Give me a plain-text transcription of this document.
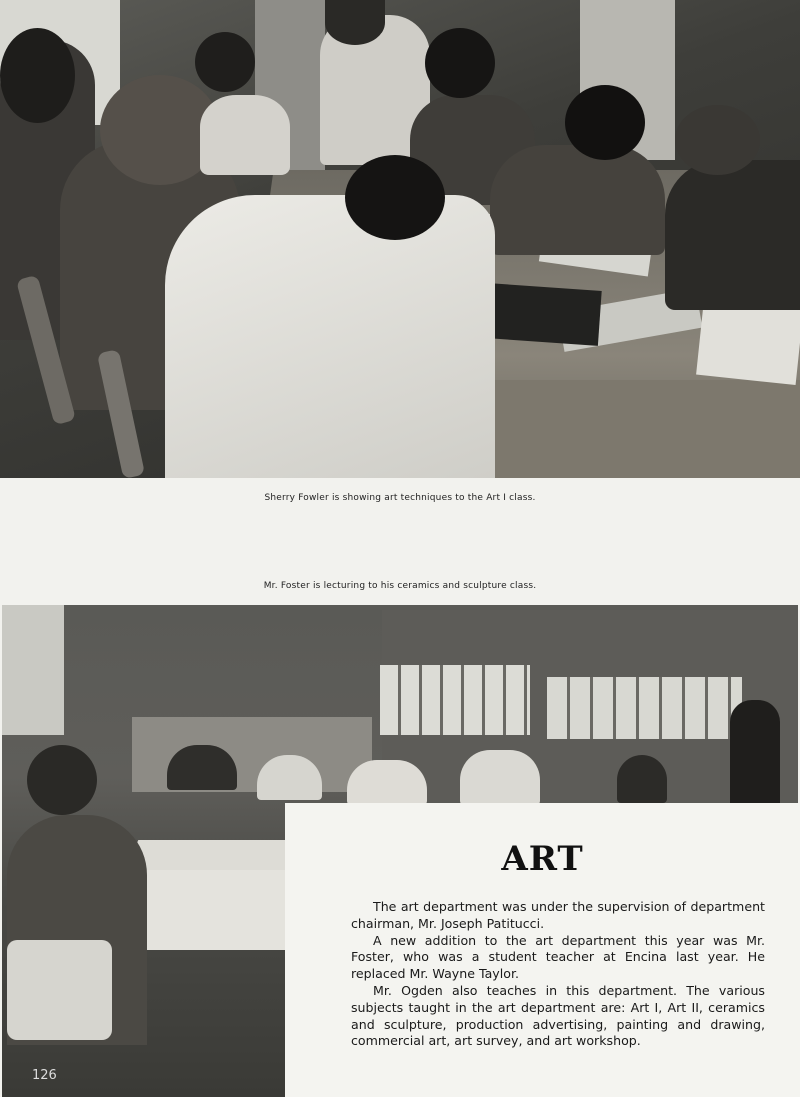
Sherry Fowler is showing art techniques to the Art I class.
Mr. Foster is lecturing to his ceramics and sculpture class.
ART

The art department was under the supervision of department chairman, Mr. Joseph Patitucci.

A new addition to the art department this year was Mr. Foster, who was a student teacher at Encina last year. He replaced Mr. Wayne Taylor.

Mr. Ogden also teaches in this department. The various subjects taught in the art department are: Art I, Art II, ceramics and sculpture, production advertising, painting and drawing, commercial art, art survey, and art workshop.

126
